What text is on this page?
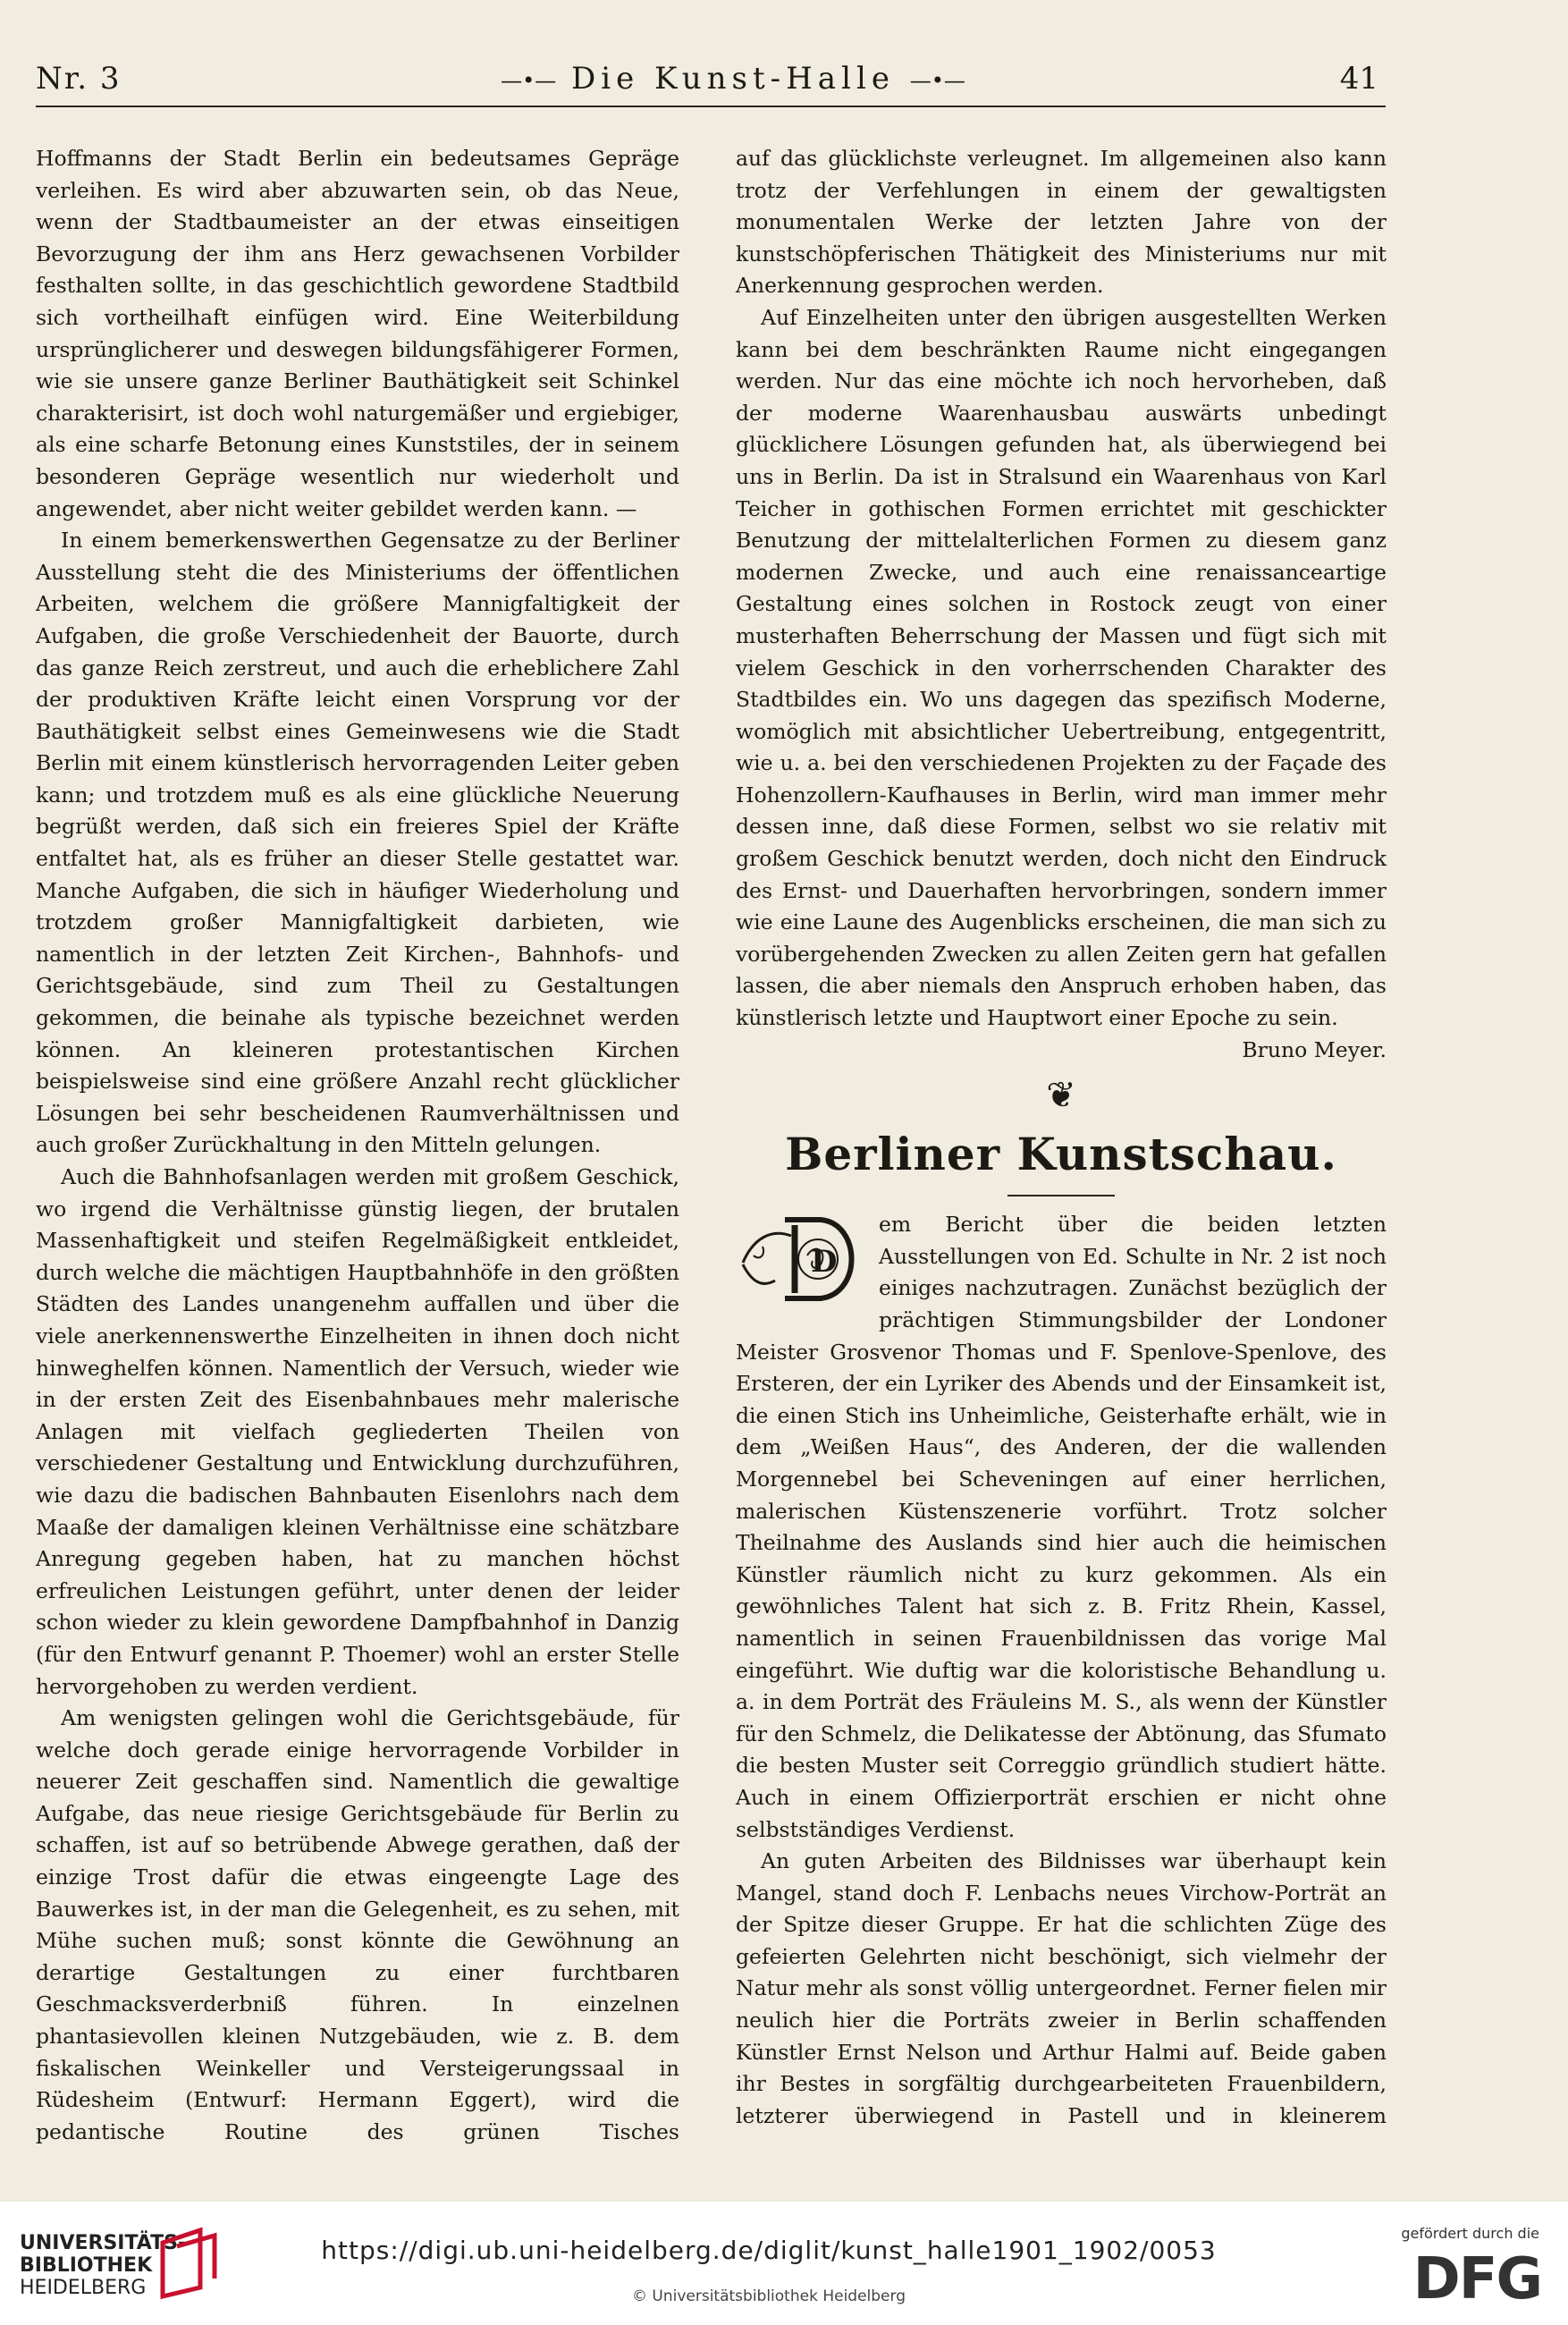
Nr. 3	—•— Die Kunst-Halle —•—	41

Hoffmanns der Stadt Berlin ein bedeutsames Gepräge verleihen. Es wird aber abzuwarten sein, ob das Neue, wenn der Stadtbaumeister an der etwas einseitigen Bevorzugung der ihm ans Herz gewachsenen Vorbilder festhalten sollte, in das geschichtlich gewordene Stadtbild sich vortheilhaft einfügen wird. Eine Weiterbildung ursprünglicherer und deswegen bildungsfähigerer Formen, wie sie unsere ganze Berliner Bauthätigkeit seit Schinkel charakterisirt, ist doch wohl naturgemäßer und ergiebiger, als eine scharfe Betonung eines Kunststiles, der in seinem besonderen Gepräge wesentlich nur wiederholt und angewendet, aber nicht weiter gebildet werden kann. —

In einem bemerkenswerthen Gegensatze zu der Berliner Ausstellung steht die des Ministeriums der öffentlichen Arbeiten, welchem die größere Mannigfaltigkeit der Aufgaben, die große Verschiedenheit der Bauorte, durch das ganze Reich zerstreut, und auch die erheblichere Zahl der produktiven Kräfte leicht einen Vorsprung vor der Bauthätigkeit selbst eines Gemeinwesens wie die Stadt Berlin mit einem künstlerisch hervorragenden Leiter geben kann; und trotzdem muß es als eine glückliche Neuerung begrüßt werden, daß sich ein freieres Spiel der Kräfte entfaltet hat, als es früher an dieser Stelle gestattet war. Manche Aufgaben, die sich in häufiger Wiederholung und trotzdem großer Mannigfaltigkeit darbieten, wie namentlich in der letzten Zeit Kirchen-, Bahnhofs- und Gerichtsgebäude, sind zum Theil zu Gestaltungen gekommen, die beinahe als typische bezeichnet werden können. An kleineren protestantischen Kirchen beispielsweise sind eine größere Anzahl recht glücklicher Lösungen bei sehr bescheidenen Raumverhältnissen und auch großer Zurückhaltung in den Mitteln gelungen.

Auch die Bahnhofsanlagen werden mit großem Geschick, wo irgend die Verhältnisse günstig liegen, der brutalen Massenhaftigkeit und steifen Regelmäßigkeit entkleidet, durch welche die mächtigen Hauptbahnhöfe in den größten Städten des Landes unangenehm auffallen und über die viele anerkennenswerthe Einzelheiten in ihnen doch nicht hinweghelfen können. Namentlich der Versuch, wieder wie in der ersten Zeit des Eisenbahnbaues mehr malerische Anlagen mit vielfach gegliederten Theilen von verschiedener Gestaltung und Entwicklung durchzuführen, wie dazu die badischen Bahnbauten Eisenlohrs nach dem Maaße der damaligen kleinen Verhältnisse eine schätzbare Anregung gegeben haben, hat zu manchen höchst erfreulichen Leistungen geführt, unter denen der leider schon wieder zu klein gewordene Dampfbahnhof in Danzig (für den Entwurf genannt P. Thoemer) wohl an erster Stelle hervorgehoben zu werden verdient.

Am wenigsten gelingen wohl die Gerichtsgebäude, für welche doch gerade einige hervorragende Vorbilder in neuerer Zeit geschaffen sind. Namentlich die gewaltige Aufgabe, das neue riesige Gerichtsgebäude für Berlin zu schaffen, ist auf so betrübende Abwege gerathen, daß der einzige Trost dafür die etwas eingeengte Lage des Bauwerkes ist, in der man die Gelegenheit, es zu sehen, mit Mühe suchen muß; sonst könnte die Gewöhnung an derartige Gestaltungen zu einer furchtbaren Geschmacksverderbniß führen. In einzelnen phantasievollen kleinen Nutzgebäuden, wie z. B. dem fiskalischen Weinkeller und Versteigerungssaal in Rüdesheim (Entwurf: Hermann Eggert), wird die pedantische Routine des grünen Tisches

auf das glücklichste verleugnet. Im allgemeinen also kann trotz der Verfehlungen in einem der gewaltigsten monumentalen Werke der letzten Jahre von der kunstschöpferischen Thätigkeit des Ministeriums nur mit Anerkennung gesprochen werden.

Auf Einzelheiten unter den übrigen ausgestellten Werken kann bei dem beschränkten Raume nicht eingegangen werden. Nur das eine möchte ich noch hervorheben, daß der moderne Waarenhausbau auswärts unbedingt glücklichere Lösungen gefunden hat, als überwiegend bei uns in Berlin. Da ist in Stralsund ein Waarenhaus von Karl Teicher in gothischen Formen errichtet mit geschickter Benutzung der mittelalterlichen Formen zu diesem ganz modernen Zwecke, und auch eine renaissanceartige Gestaltung eines solchen in Rostock zeugt von einer musterhaften Beherrschung der Massen und fügt sich mit vielem Geschick in den vorherrschenden Charakter des Stadtbildes ein. Wo uns dagegen das spezifisch Moderne, womöglich mit absichtlicher Uebertreibung, entgegentritt, wie u. a. bei den verschiedenen Projekten zu der Façade des Hohenzollern-Kaufhauses in Berlin, wird man immer mehr dessen inne, daß diese Formen, selbst wo sie relativ mit großem Geschick benutzt werden, doch nicht den Eindruck des Ernst- und Dauerhaften hervorbringen, sondern immer wie eine Laune des Augenblicks erscheinen, die man sich zu vorübergehenden Zwecken zu allen Zeiten gern hat gefallen lassen, die aber niemals den Anspruch erhoben haben, das künstlerisch letzte und Hauptwort einer Epoche zu sein.

Bruno Meyer.

❦
Berliner Kunstschau.
D

em Bericht über die beiden letzten Ausstellungen von Ed. Schulte in Nr. 2 ist noch einiges nachzutragen. Zunächst bezüglich der prächtigen Stimmungsbilder der Londoner Meister Grosvenor Thomas und F. Spenlove-Spenlove, des Ersteren, der ein Lyriker des Abends und der Einsamkeit ist, die einen Stich ins Unheimliche, Geisterhafte erhält, wie in dem „Weißen Haus“, des Anderen, der die wallenden Morgennebel bei Scheveningen auf einer herrlichen, malerischen Küstenszenerie vorführt. Trotz solcher Theilnahme des Auslands sind hier auch die heimischen Künstler räumlich nicht zu kurz gekommen. Als ein gewöhnliches Talent hat sich z. B. Fritz Rhein, Kassel, namentlich in seinen Frauenbildnissen das vorige Mal eingeführt. Wie duftig war die koloristische Behandlung u. a. in dem Porträt des Fräuleins M. S., als wenn der Künstler für den Schmelz, die Delikatesse der Abtönung, das Sfumato die besten Muster seit Correggio gründlich studiert hätte. Auch in einem Offizierporträt erschien er nicht ohne selbstständiges Verdienst.

An guten Arbeiten des Bildnisses war überhaupt kein Mangel, stand doch F. Lenbachs neues Virchow-Porträt an der Spitze dieser Gruppe. Er hat die schlichten Züge des gefeierten Gelehrten nicht beschönigt, sich vielmehr der Natur mehr als sonst völlig untergeordnet. Ferner fielen mir neulich hier die Porträts zweier in Berlin schaffenden Künstler Ernst Nelson und Arthur Halmi auf. Beide gaben ihr Bestes in sorgfältig durchgearbeiteten Frauenbildern, letzterer überwiegend in Pastell und in kleinerem

UNIVERSITÄTS-
BIBLIOTHEK
HEIDELBERG
https://digi.ub.uni-heidelberg.de/diglit/kunst_halle1901_1902/0053
© Universitätsbibliothek Heidelberg
gefördert durch die
DFG
